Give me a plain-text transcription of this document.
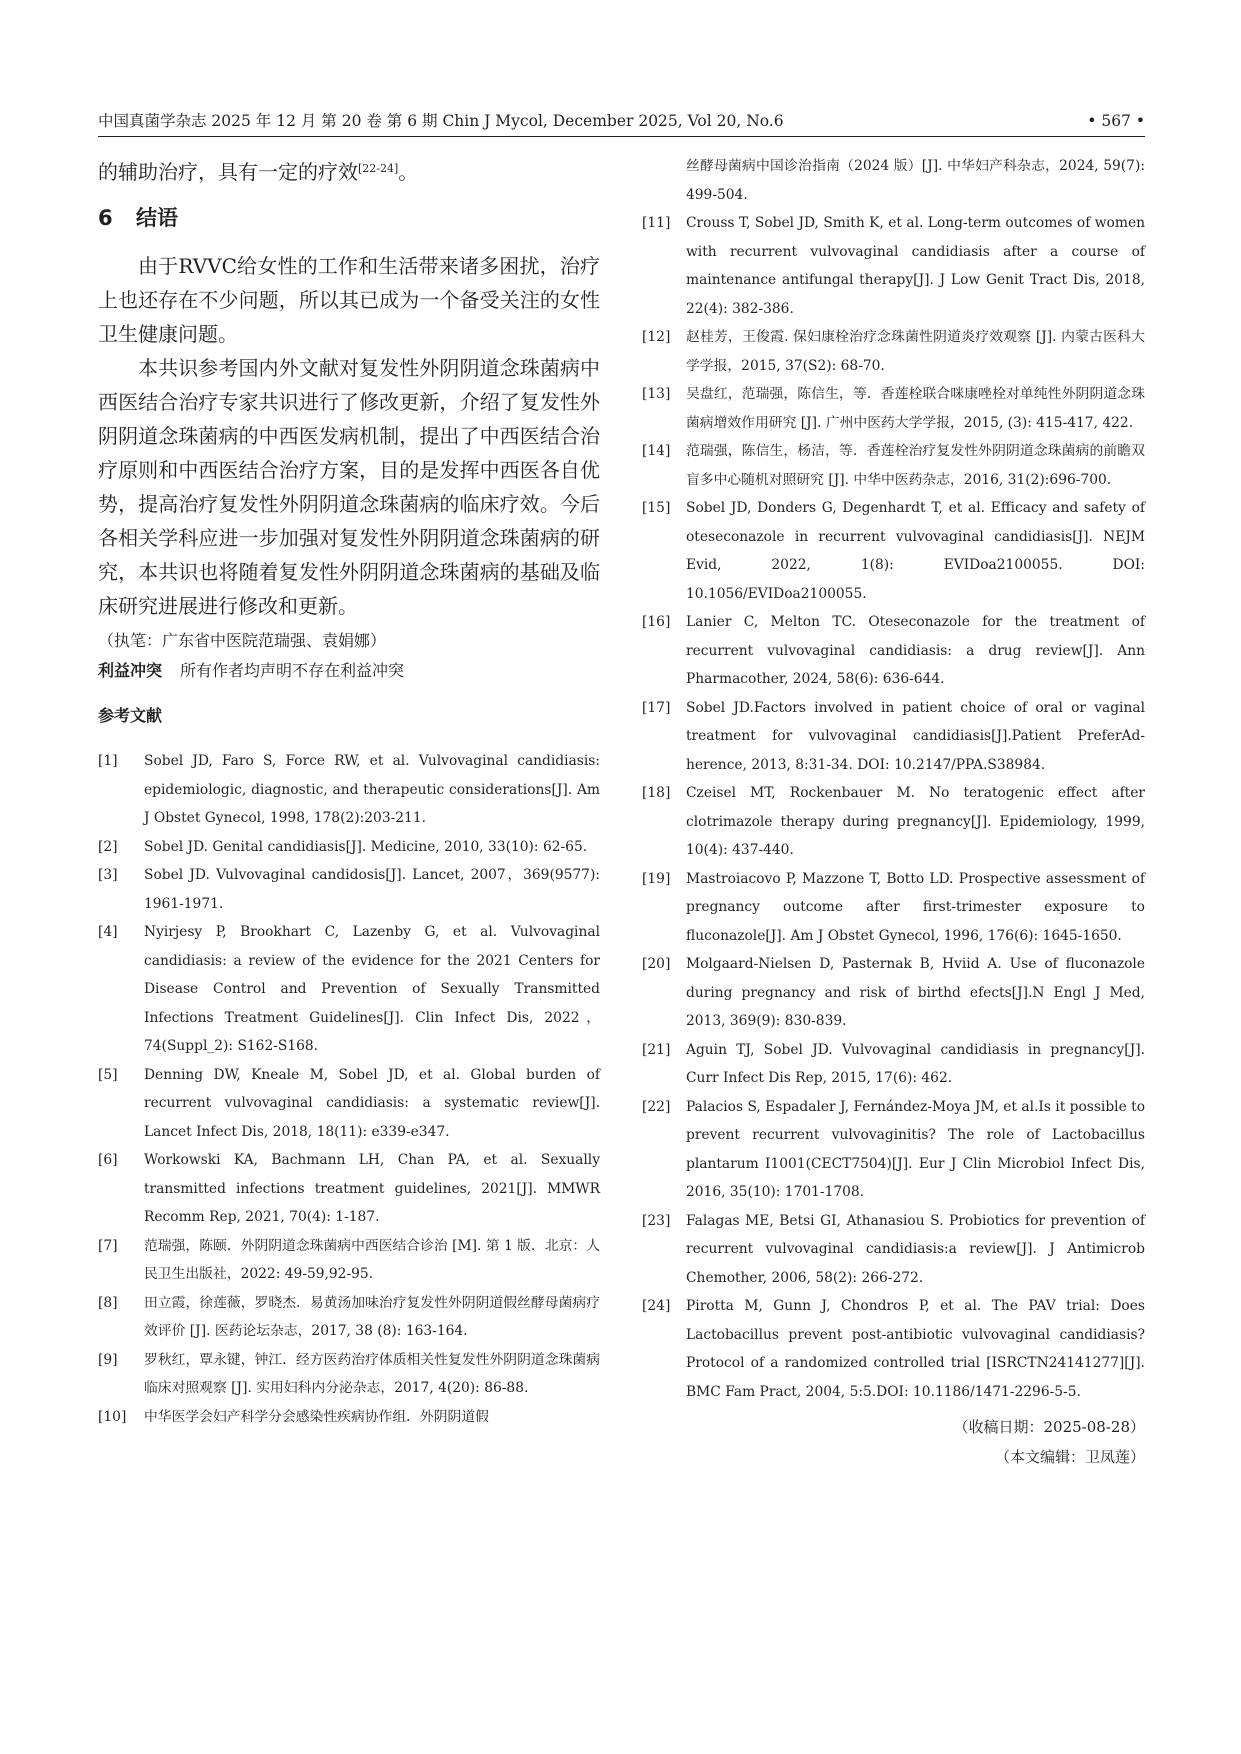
中国真菌学杂志 2025 年 12 月 第 20 卷 第 6 期 Chin J Mycol, December 2025, Vol 20, No.6	• 567 •

的辅助治疗，具有一定的疗效[22-24]。

6 结语

由于RVVC给女性的工作和生活带来诸多困扰，治疗上也还存在不少问题，所以其已成为一个备受关注的女性卫生健康问题。

本共识参考国内外文献对复发性外阴阴道念珠菌病中西医结合治疗专家共识进行了修改更新，介绍了复发性外阴阴道念珠菌病的中西医发病机制，提出了中西医结合治疗原则和中西医结合治疗方案，目的是发挥中西医各自优势，提高治疗复发性外阴阴道念珠菌病的临床疗效。今后各相关学科应进一步加强对复发性外阴阴道念珠菌病的研究，本共识也将随着复发性外阴阴道念珠菌病的基础及临床研究进展进行修改和更新。

（执笔：广东省中医院范瑞强、袁娟娜）

利益冲突 所有作者均声明不存在利益冲突

参考文献
[1] Sobel JD, Faro S, Force RW, et al. Vulvovaginal candidiasis: epidemiologic, diagnostic, and therapeutic considerations[J]. Am J Obstet Gynecol, 1998, 178(2):203-211.
[2] Sobel JD. Genital candidiasis[J]. Medicine, 2010, 33(10): 62-65.
[3] Sobel JD. Vulvovaginal candidosis[J]. Lancet, 2007，369(9577): 1961-1971.
[4] Nyirjesy P, Brookhart C, Lazenby G, et al. Vulvovaginal candidiasis: a review of the evidence for the 2021 Centers for Disease Control and Prevention of Sexually Transmitted Infections Treatment Guidelines[J]. Clin Infect Dis, 2022，74(Suppl_2): S162-S168.
[5] Denning DW, Kneale M, Sobel JD, et al. Global burden of recurrent vulvovaginal candidiasis: a systematic review[J]. Lancet Infect Dis, 2018, 18(11): e339-e347.
[6] Workowski KA, Bachmann LH, Chan PA, et al. Sexually transmitted infections treatment guidelines, 2021[J]. MMWR Recomm Rep, 2021, 70(4): 1-187.
[7] 范瑞强，陈颐．外阴阴道念珠菌病中西医结合诊治 [M]. 第 1 版．北京：人民卫生出版社，2022: 49-59,92-95.
[8] 田立霞，徐莲薇，罗晓杰．易黄汤加味治疗复发性外阴阴道假丝酵母菌病疗效评价 [J]. 医药论坛杂志，2017, 38 (8): 163-164.
[9] 罗秋红，覃永键，钟江．经方医药治疗体质相关性复发性外阴阴道念珠菌病临床对照观察 [J]. 实用妇科内分泌杂志，2017, 4(20): 86-88.
[10] 中华医学会妇产科学分会感染性疾病协作组．外阴阴道假

丝酵母菌病中国诊治指南（2024 版）[J]. 中华妇产科杂志，2024, 59(7): 499-504.

[11] Crouss T, Sobel JD, Smith K, et al. Long-term outcomes of women with recurrent vulvovaginal candidiasis after a course of maintenance antifungal therapy[J]. J Low Genit Tract Dis, 2018, 22(4): 382-386.
[12] 赵桂芳，王俊霞. 保妇康栓治疗念珠菌性阴道炎疗效观察 [J]. 内蒙古医科大学学报，2015, 37(S2): 68-70.
[13] 吴盘红，范瑞强，陈信生，等．香莲栓联合咪康唑栓对单纯性外阴阴道念珠菌病增效作用研究 [J]. 广州中医药大学学报，2015, (3): 415-417, 422.
[14] 范瑞强，陈信生，杨洁，等．香莲栓治疗复发性外阴阴道念珠菌病的前瞻双盲多中心随机对照研究 [J]. 中华中医药杂志，2016, 31(2):696-700.
[15] Sobel JD, Donders G, Degenhardt T, et al. Efficacy and safety of oteseconazole in recurrent vulvovaginal candidiasis[J]. NEJM Evid, 2022, 1(8): EVIDoa2100055. DOI: 10.1056/EVIDoa2100055.
[16] Lanier C, Melton TC. Oteseconazole for the treatment of recurrent vulvovaginal candidiasis: a drug review[J]. Ann Pharmacother, 2024, 58(6): 636-644.
[17] Sobel JD.Factors involved in patient choice of oral or vaginal treatment for vulvovaginal candidiasis[J].Patient PreferAd-herence, 2013, 8:31-34. DOI: 10.2147/PPA.S38984.
[18] Czeisel MT, Rockenbauer M. No teratogenic effect after clotrimazole therapy during pregnancy[J]. Epidemiology, 1999, 10(4): 437-440.
[19] Mastroiacovo P, Mazzone T, Botto LD. Prospective assessment of pregnancy outcome after first-trimester exposure to fluconazole[J]. Am J Obstet Gynecol, 1996, 176(6): 1645-1650.
[20] Molgaard-Nielsen D, Pasternak B, Hviid A. Use of fluconazole during pregnancy and risk of birthd efects[J].N Engl J Med, 2013, 369(9): 830-839.
[21] Aguin TJ, Sobel JD. Vulvovaginal candidiasis in pregnancy[J]. Curr Infect Dis Rep, 2015, 17(6): 462.
[22] Palacios S, Espadaler J, Fernández-Moya JM, et al.Is it possible to prevent recurrent vulvovaginitis? The role of Lactobacillus plantarum I1001(CECT7504)[J]. Eur J Clin Microbiol Infect Dis, 2016, 35(10): 1701-1708.
[23] Falagas ME, Betsi GI, Athanasiou S. Probiotics for prevention of recurrent vulvovaginal candidiasis:a review[J]. J Antimicrob Chemother, 2006, 58(2): 266-272.
[24] Pirotta M, Gunn J, Chondros P, et al. The PAV trial: Does Lactobacillus prevent post-antibiotic vulvovaginal candidiasis? Protocol of a randomized controlled trial [ISRCTN24141277][J]. BMC Fam Pract, 2004, 5:5.DOI: 10.1186/1471-2296-5-5.

（收稿日期：2025-08-28）

（本文编辑：卫凤莲）
